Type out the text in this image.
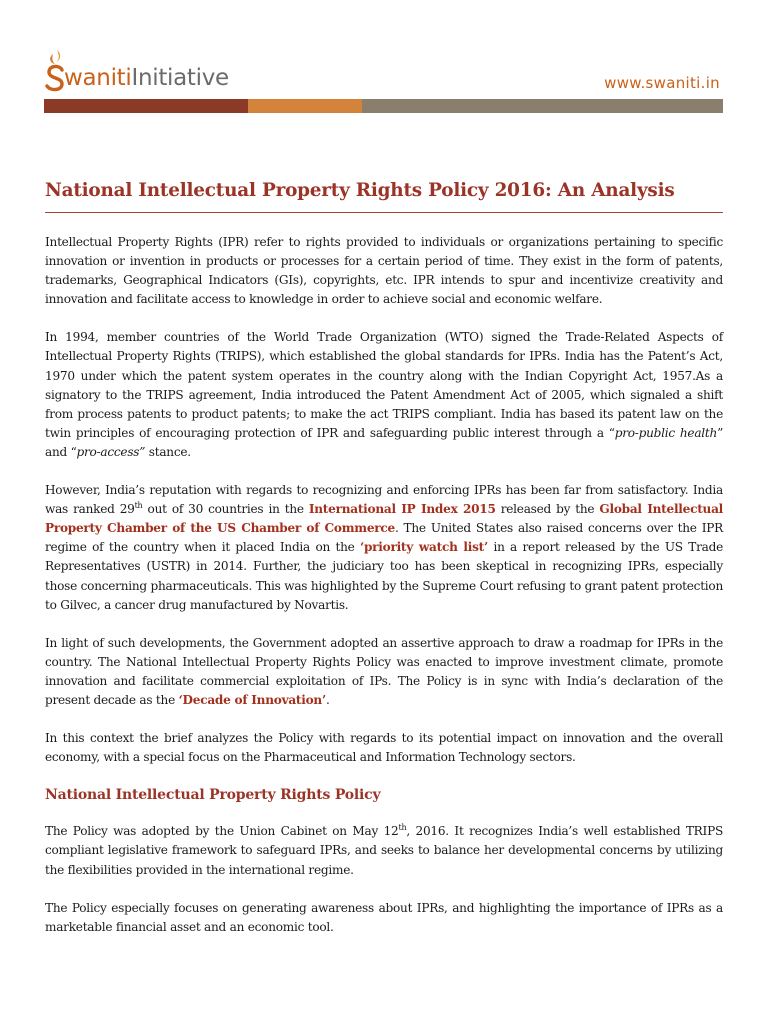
wanitiInitiative	www.swaniti.in
National Intellectual Property Rights Policy 2016: An Analysis

Intellectual Property Rights (IPR) refer to rights provided to individuals or organizations pertaining to specific innovation or invention in products or processes for a certain period of time. They exist in the form of patents, trademarks, Geographical Indicators (GIs), copyrights, etc. IPR intends to spur and incentivize creativity and innovation and facilitate access to knowledge in order to achieve social and economic welfare.

In 1994, member countries of the World Trade Organization (WTO) signed the Trade-Related Aspects of Intellectual Property Rights (TRIPS), which established the global standards for IPRs. India has the Patent’s Act, 1970 under which the patent system operates in the country along with the Indian Copyright Act, 1957.As a signatory to the TRIPS agreement, India introduced the Patent Amendment Act of 2005, which signaled a shift from process patents to product patents; to make the act TRIPS compliant. India has based its patent law on the twin principles of encouraging protection of IPR and safeguarding public interest through a “pro-public health” and “pro-access” stance.

However, India’s reputation with regards to recognizing and enforcing IPRs has been far from satisfactory. India was ranked 29th out of 30 countries in the International IP Index 2015 released by the Global Intellectual Property Chamber of the US Chamber of Commerce. The United States also raised concerns over the IPR regime of the country when it placed India on the ‘priority watch list’ in a report released by the US Trade Representatives (USTR) in 2014. Further, the judiciary too has been skeptical in recognizing IPRs, especially those concerning pharmaceuticals. This was highlighted by the Supreme Court refusing to grant patent protection to Gilvec, a cancer drug manufactured by Novartis.

In light of such developments, the Government adopted an assertive approach to draw a roadmap for IPRs in the country. The National Intellectual Property Rights Policy was enacted to improve investment climate, promote innovation and facilitate commercial exploitation of IPs. The Policy is in sync with India’s declaration of the present decade as the ‘Decade of Innovation’.

In this context the brief analyzes the Policy with regards to its potential impact on innovation and the overall economy, with a special focus on the Pharmaceutical and Information Technology sectors.

National Intellectual Property Rights Policy

The Policy was adopted by the Union Cabinet on May 12th, 2016. It recognizes India’s well established TRIPS compliant legislative framework to safeguard IPRs, and seeks to balance her developmental concerns by utilizing the flexibilities provided in the international regime.

The Policy especially focuses on generating awareness about IPRs, and highlighting the importance of IPRs as a marketable financial asset and an economic tool.
